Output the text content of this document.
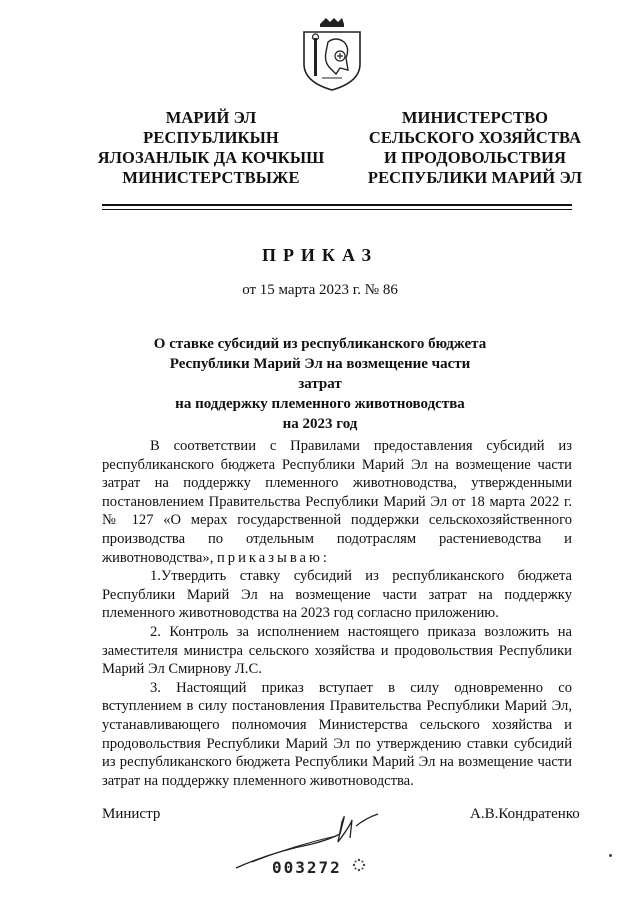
МАРИЙ ЭЛ РЕСПУБЛИКЫН
ЯЛОЗАНЛЫК ДА КОЧКЫШ
МИНИСТЕРСТВЫЖЕ
МИНИСТЕРСТВО
СЕЛЬСКОГО ХОЗЯЙСТВА
И ПРОДОВОЛЬСТВИЯ
РЕСПУБЛИКИ МАРИЙ ЭЛ
ПРИКАЗ
от 15 марта 2023 г. № 86
О ставке субсидий из республиканского бюджета
Республики Марий Эл на возмещение части затрат
на поддержку племенного животноводства
на 2023 год

В соответствии с Правилами предоставления субсидий из республиканского бюджета Республики Марий Эл на возмещение части затрат на поддержку племенного животноводства, утвержденными постановлением Правительства Республики Марий Эл от 18 марта 2022 г. № 127 «О мерах государственной поддержки сельскохозяйственного производства по отдельным подотраслям растениеводства и животноводства», приказываю:

1.Утвердить ставку субсидий из республиканского бюджета Республики Марий Эл на возмещение части затрат на поддержку племенного животноводства на 2023 год согласно приложению.

2. Контроль за исполнением настоящего приказа возложить на заместителя министра сельского хозяйства и продовольствия Республики Марий Эл Смирнову Л.С.

3. Настоящий приказ вступает в силу одновременно со вступлением в силу постановления Правительства Республики Марий Эл, устанавливающего полномочия Министерства сельского хозяйства и продовольствия Республики Марий Эл по утверждению ставки субсидий из республиканского бюджета Республики Марий Эл на возмещение части затрат на поддержку племенного животноводства.

Министр	А.В.Кондратенко
003272
